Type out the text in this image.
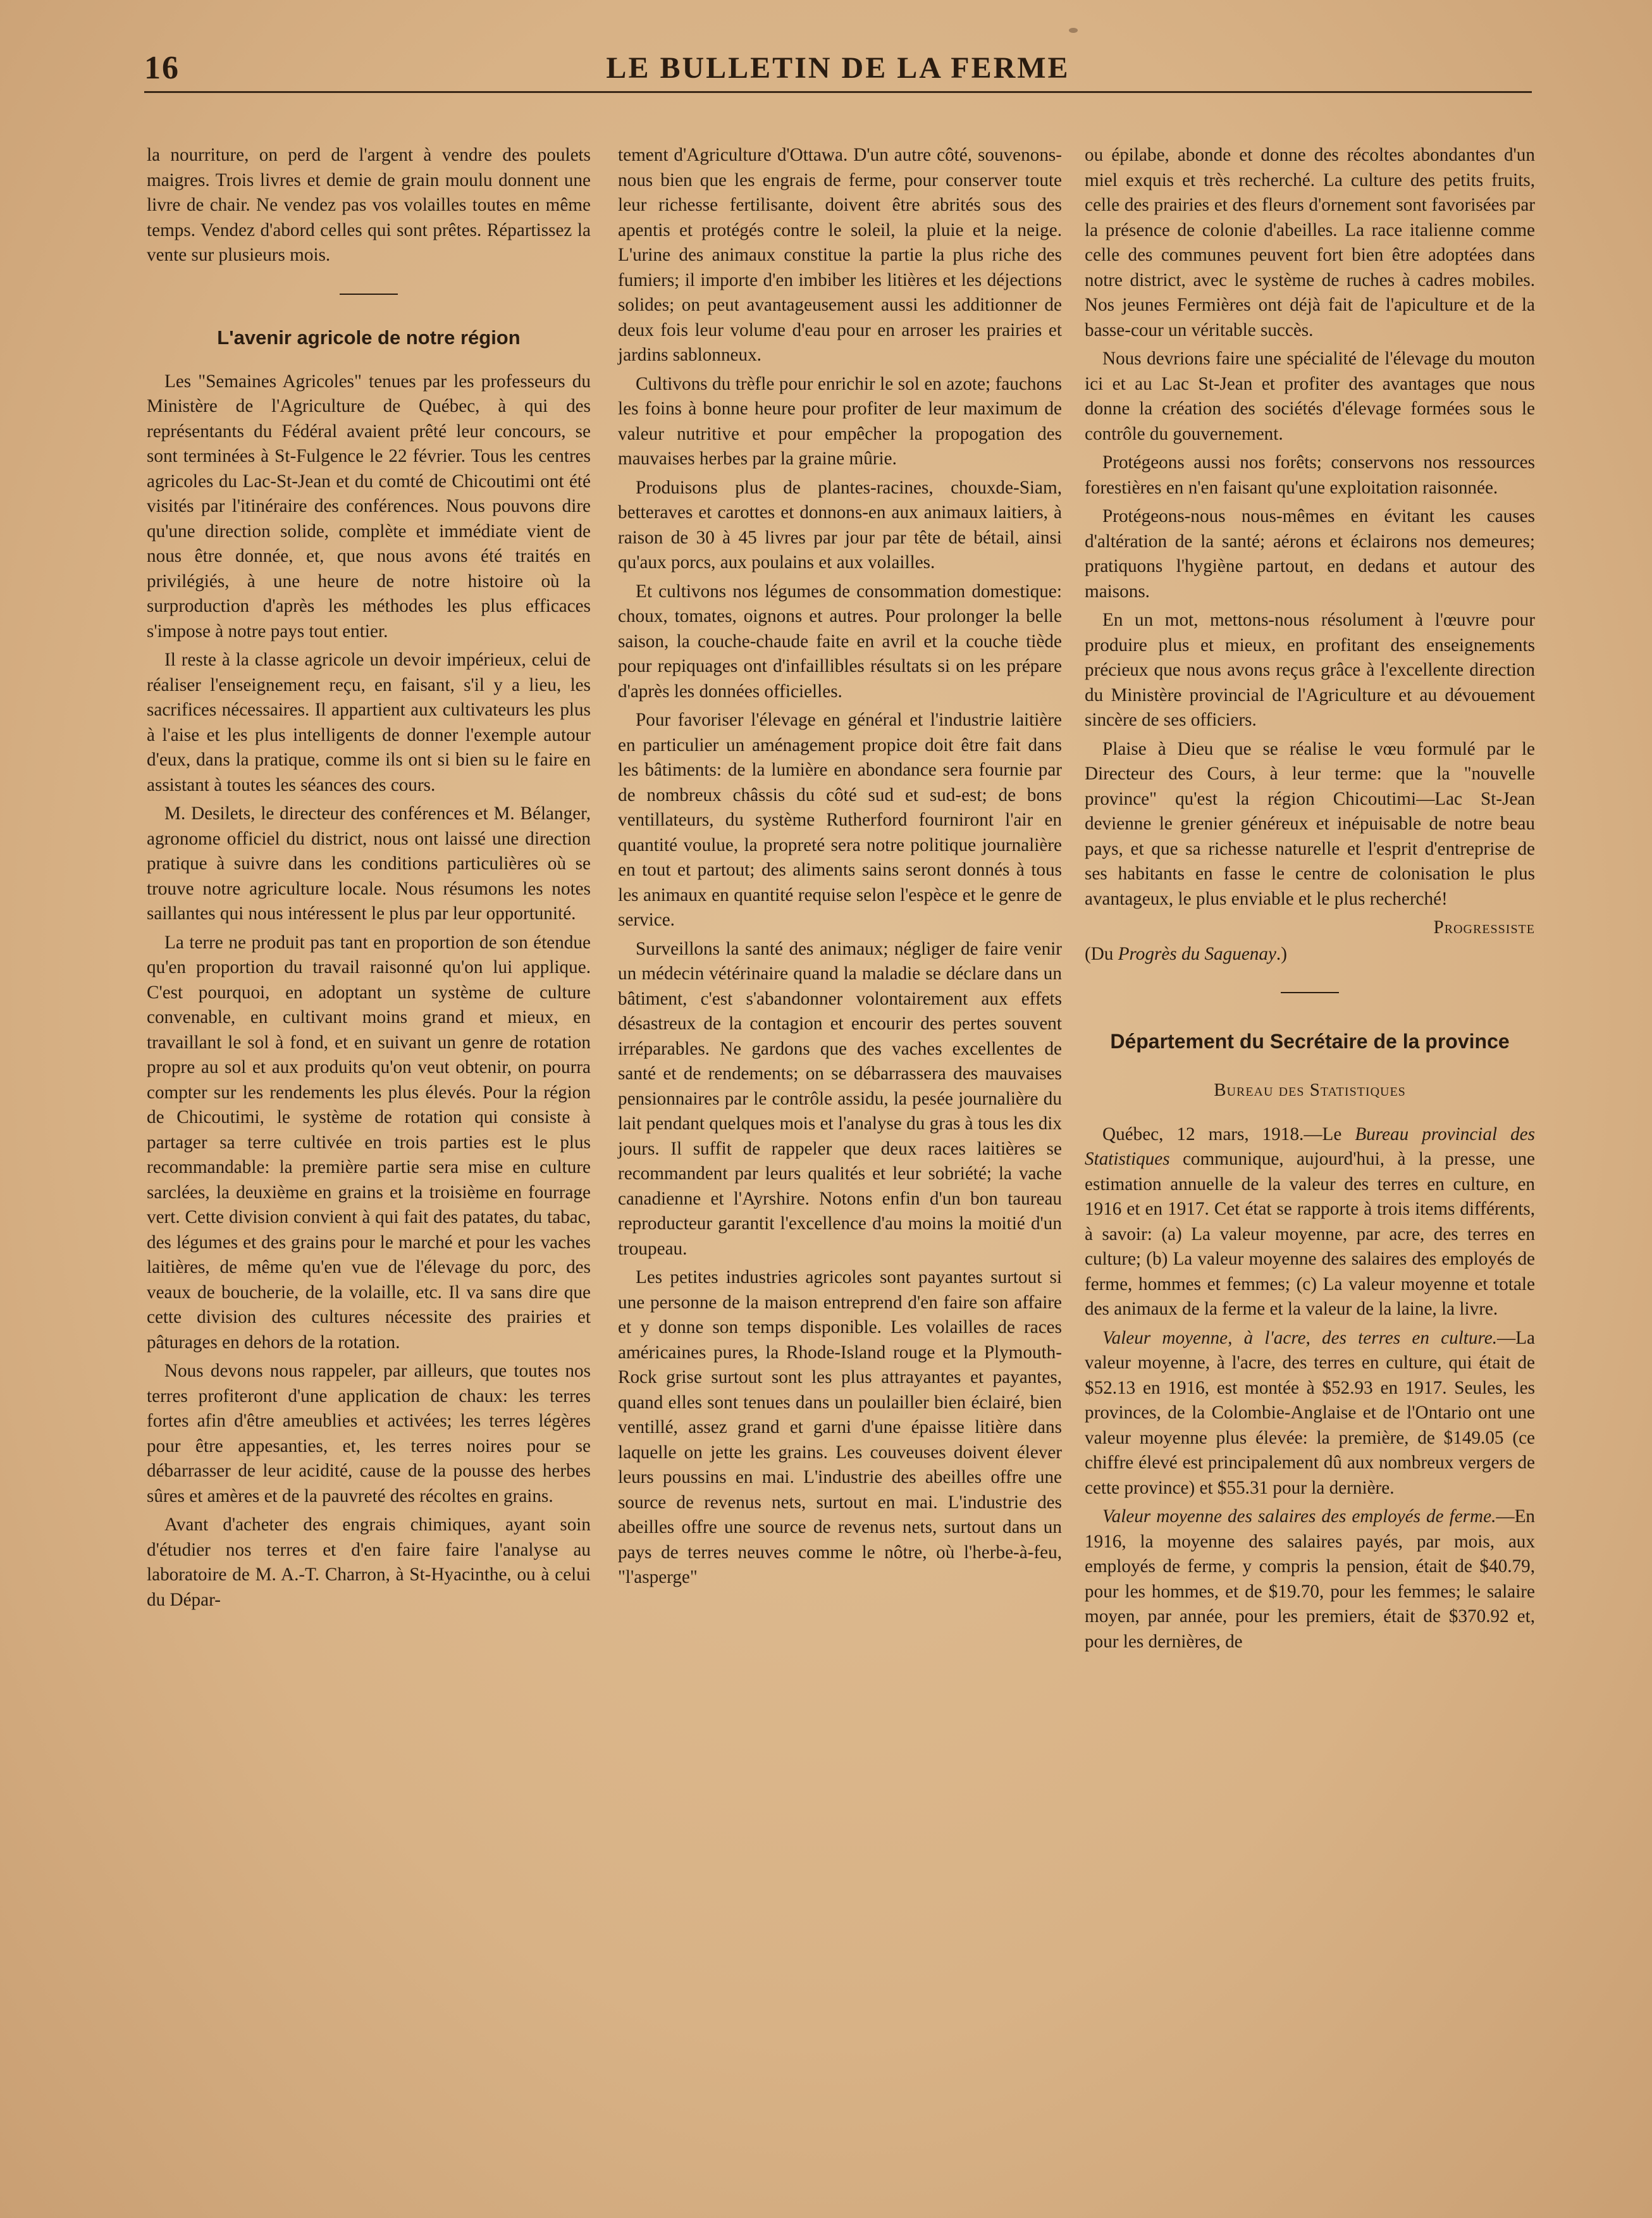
16	LE BULLETIN DE LA FERME

la nourriture, on perd de l'argent à vendre des poulets maigres. Trois livres et demie de grain moulu donnent une livre de chair. Ne vendez pas vos volailles toutes en même temps. Vendez d'abord celles qui sont prêtes. Répartissez la vente sur plusieurs mois.

L'avenir agricole de notre région

Les "Semaines Agricoles" tenues par les professeurs du Ministère de l'Agriculture de Québec, à qui des représentants du Fédéral avaient prêté leur concours, se sont terminées à St-Fulgence le 22 février. Tous les centres agricoles du Lac-St-Jean et du comté de Chicoutimi ont été visités par l'itinéraire des conférences. Nous pouvons dire qu'une direction solide, complète et immédiate vient de nous être donnée, et, que nous avons été traités en privilégiés, à une heure de notre histoire où la surproduction d'après les méthodes les plus efficaces s'impose à notre pays tout entier.

Il reste à la classe agricole un devoir impérieux, celui de réaliser l'enseignement reçu, en faisant, s'il y a lieu, les sacrifices nécessaires. Il appartient aux cultivateurs les plus à l'aise et les plus intelligents de donner l'exemple autour d'eux, dans la pratique, comme ils ont si bien su le faire en assistant à toutes les séances des cours.

M. Desilets, le directeur des conférences et M. Bélanger, agronome officiel du district, nous ont laissé une direction pratique à suivre dans les conditions particulières où se trouve notre agriculture locale. Nous résumons les notes saillantes qui nous intéressent le plus par leur opportunité.

La terre ne produit pas tant en proportion de son étendue qu'en proportion du travail raisonné qu'on lui applique. C'est pourquoi, en adoptant un système de culture convenable, en cultivant moins grand et mieux, en travaillant le sol à fond, et en suivant un genre de rotation propre au sol et aux produits qu'on veut obtenir, on pourra compter sur les rendements les plus élevés. Pour la région de Chicoutimi, le système de rotation qui consiste à partager sa terre cultivée en trois parties est le plus recommandable: la première partie sera mise en culture sarclées, la deuxième en grains et la troisième en fourrage vert. Cette division convient à qui fait des patates, du tabac, des légumes et des grains pour le marché et pour les vaches laitières, de même qu'en vue de l'élevage du porc, des veaux de boucherie, de la volaille, etc. Il va sans dire que cette division des cultures nécessite des prairies et pâturages en dehors de la rotation.

Nous devons nous rappeler, par ailleurs, que toutes nos terres profiteront d'une application de chaux: les terres fortes afin d'être ameublies et activées; les terres légères pour être appesanties, et, les terres noires pour se débarrasser de leur acidité, cause de la pousse des herbes sûres et amères et de la pauvreté des récoltes en grains.

Avant d'acheter des engrais chimiques, ayant soin d'étudier nos terres et d'en faire faire l'analyse au laboratoire de M. A.-T. Charron, à St-Hyacinthe, ou à celui du Dépar-

tement d'Agriculture d'Ottawa. D'un autre côté, souvenons-nous bien que les engrais de ferme, pour conserver toute leur richesse fertilisante, doivent être abrités sous des apentis et protégés contre le soleil, la pluie et la neige. L'urine des animaux constitue la partie la plus riche des fumiers; il importe d'en imbiber les litières et les déjections solides; on peut avantageusement aussi les additionner de deux fois leur volume d'eau pour en arroser les prairies et jardins sablonneux.

Cultivons du trèfle pour enrichir le sol en azote; fauchons les foins à bonne heure pour profiter de leur maximum de valeur nutritive et pour empêcher la propogation des mauvaises herbes par la graine mûrie.

Produisons plus de plantes-racines, chouxde-Siam, betteraves et carottes et donnons-en aux animaux laitiers, à raison de 30 à 45 livres par jour par tête de bétail, ainsi qu'aux porcs, aux poulains et aux volailles.

Et cultivons nos légumes de consommation domestique: choux, tomates, oignons et autres. Pour prolonger la belle saison, la couche-chaude faite en avril et la couche tiède pour repiquages ont d'infaillibles résultats si on les prépare d'après les données officielles.

Pour favoriser l'élevage en général et l'industrie laitière en particulier un aménagement propice doit être fait dans les bâtiments: de la lumière en abondance sera fournie par de nombreux châssis du côté sud et sud-est; de bons ventillateurs, du système Rutherford fourniront l'air en quantité voulue, la propreté sera notre politique journalière en tout et partout; des aliments sains seront donnés à tous les animaux en quantité requise selon l'espèce et le genre de service.

Surveillons la santé des animaux; négliger de faire venir un médecin vétérinaire quand la maladie se déclare dans un bâtiment, c'est s'abandonner volontairement aux effets désastreux de la contagion et encourir des pertes souvent irréparables. Ne gardons que des vaches excellentes de santé et de rendements; on se débarrassera des mauvaises pensionnaires par le contrôle assidu, la pesée journalière du lait pendant quelques mois et l'analyse du gras à tous les dix jours. Il suffit de rappeler que deux races laitières se recommandent par leurs qualités et leur sobriété; la vache canadienne et l'Ayrshire. Notons enfin d'un bon taureau reproducteur garantit l'excellence d'au moins la moitié d'un troupeau.

Les petites industries agricoles sont payantes surtout si une personne de la maison entreprend d'en faire son affaire et y donne son temps disponible. Les volailles de races américaines pures, la Rhode-Island rouge et la Plymouth-Rock grise surtout sont les plus attrayantes et payantes, quand elles sont tenues dans un poulailler bien éclairé, bien ventillé, assez grand et garni d'une épaisse litière dans laquelle on jette les grains. Les couveuses doivent élever leurs poussins en mai. L'industrie des abeilles offre une source de revenus nets, surtout en mai. L'industrie des abeilles offre une source de revenus nets, surtout dans un pays de terres neuves comme le nôtre, où l'herbe-à-feu, "l'asperge"

ou épilabe, abonde et donne des récoltes abondantes d'un miel exquis et très recherché. La culture des petits fruits, celle des prairies et des fleurs d'ornement sont favorisées par la présence de colonie d'abeilles. La race italienne comme celle des communes peuvent fort bien être adoptées dans notre district, avec le système de ruches à cadres mobiles. Nos jeunes Fermières ont déjà fait de l'apiculture et de la basse-cour un véritable succès.

Nous devrions faire une spécialité de l'élevage du mouton ici et au Lac St-Jean et profiter des avantages que nous donne la création des sociétés d'élevage formées sous le contrôle du gouvernement.

Protégeons aussi nos forêts; conservons nos ressources forestières en n'en faisant qu'une exploitation raisonnée.

Protégeons-nous nous-mêmes en évitant les causes d'altération de la santé; aérons et éclairons nos demeures; pratiquons l'hygiène partout, en dedans et autour des maisons.

En un mot, mettons-nous résolument à l'œuvre pour produire plus et mieux, en profitant des enseignements précieux que nous avons reçus grâce à l'excellente direction du Ministère provincial de l'Agriculture et au dévouement sincère de ses officiers.

Plaise à Dieu que se réalise le vœu formulé par le Directeur des Cours, à leur terme: que la "nouvelle province" qu'est la région Chicoutimi—Lac St-Jean devienne le grenier généreux et inépuisable de notre beau pays, et que sa richesse naturelle et l'esprit d'entreprise de ses habitants en fasse le centre de colonisation le plus avantageux, le plus enviable et le plus recherché!

Progressiste

(Du Progrès du Saguenay.)

Département du Secrétaire de la province
Bureau des Statistiques

Québec, 12 mars, 1918.—Le Bureau provincial des Statistiques communique, aujourd'hui, à la presse, une estimation annuelle de la valeur des terres en culture, en 1916 et en 1917. Cet état se rapporte à trois items différents, à savoir: (a) La valeur moyenne, par acre, des terres en culture; (b) La valeur moyenne des salaires des employés de ferme, hommes et femmes; (c) La valeur moyenne et totale des animaux de la ferme et la valeur de la laine, la livre.

Valeur moyenne, à l'acre, des terres en culture.—La valeur moyenne, à l'acre, des terres en culture, qui était de $52.13 en 1916, est montée à $52.93 en 1917. Seules, les provinces, de la Colombie-Anglaise et de l'Ontario ont une valeur moyenne plus élevée: la première, de $149.05 (ce chiffre élevé est principalement dû aux nombreux vergers de cette province) et $55.31 pour la dernière.

Valeur moyenne des salaires des employés de ferme.—En 1916, la moyenne des salaires payés, par mois, aux employés de ferme, y compris la pension, était de $40.79, pour les hommes, et de $19.70, pour les femmes; le salaire moyen, par année, pour les premiers, était de $370.92 et, pour les dernières, de
